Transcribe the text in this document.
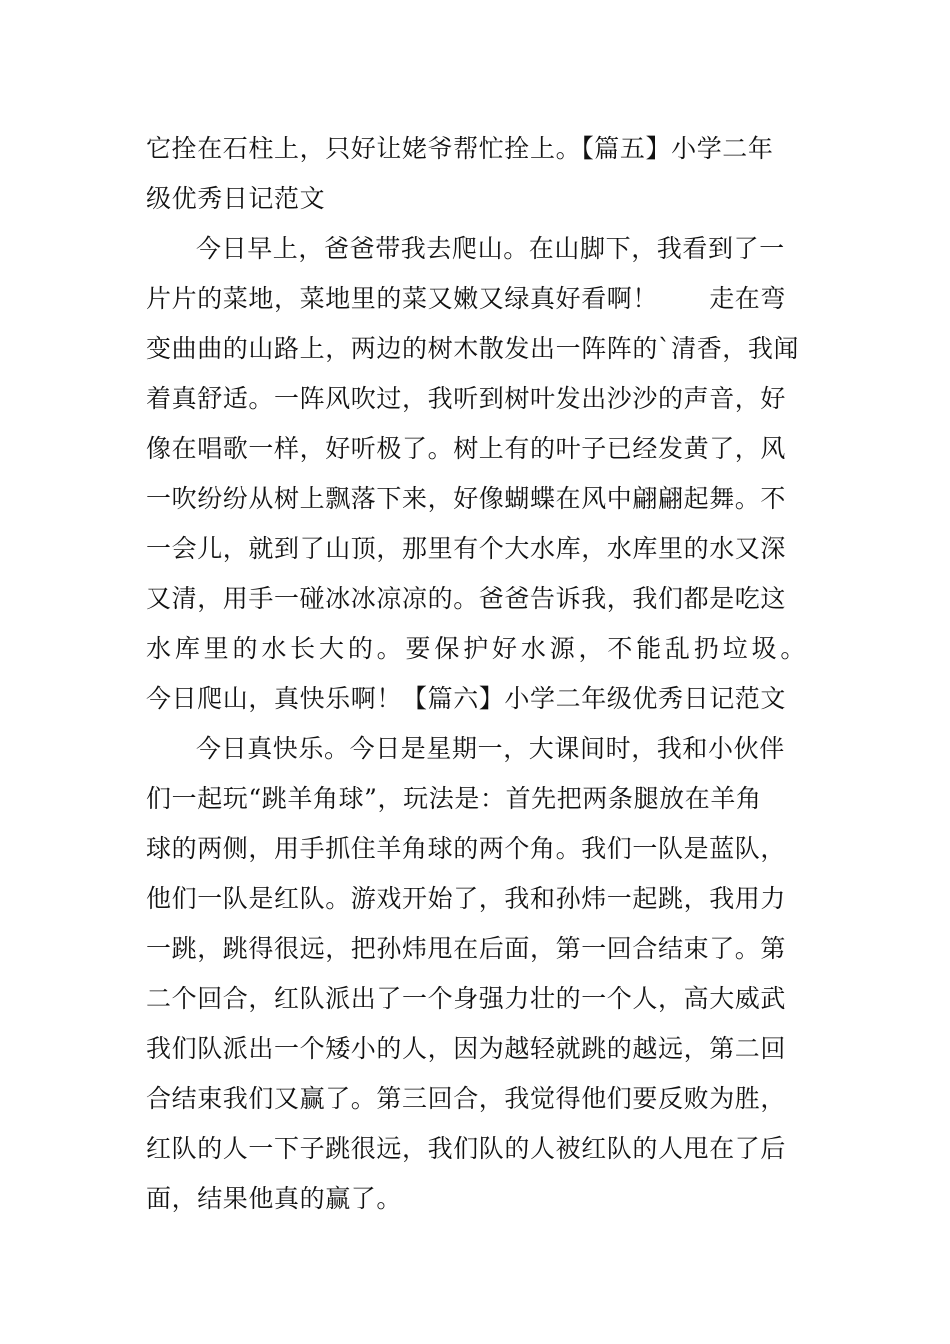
它拴在石柱上，只好让姥爷帮忙拴上。【篇五】小学二年
级优秀日记范文
今日早上，爸爸带我去爬山。在山脚下，我看到了一
片片的菜地，菜地里的菜又嫩又绿真好看啊！　　走在弯
变曲曲的山路上，两边的树木散发出一阵阵的`清香，我闻
着真舒适。一阵风吹过，我听到树叶发出沙沙的声音，好
像在唱歌一样，好听极了。树上有的叶子已经发黄了，风
一吹纷纷从树上飘落下来，好像蝴蝶在风中翩翩起舞。不
一会儿，就到了山顶，那里有个大水库，水库里的水又深
又清，用手一碰冰冰凉凉的。爸爸告诉我，我们都是吃这
水库里的水长大的。要保护好水源，不能乱扔垃圾。
今日爬山，真快乐啊！【篇六】小学二年级优秀日记范文
今日真快乐。今日是星期一，大课间时，我和小伙伴
们一起玩“跳羊角球”，玩法是：首先把两条腿放在羊角
球的两侧，用手抓住羊角球的两个角。我们一队是蓝队，
他们一队是红队。游戏开始了，我和孙炜一起跳，我用力
一跳，跳得很远，把孙炜甩在后面，第一回合结束了。第
二个回合，红队派出了一个身强力壮的一个人，高大威武
我们队派出一个矮小的人，因为越轻就跳的越远，第二回
合结束我们又赢了。第三回合，我觉得他们要反败为胜，
红队的人一下子跳很远，我们队的人被红队的人甩在了后
面，结果他真的赢了。
